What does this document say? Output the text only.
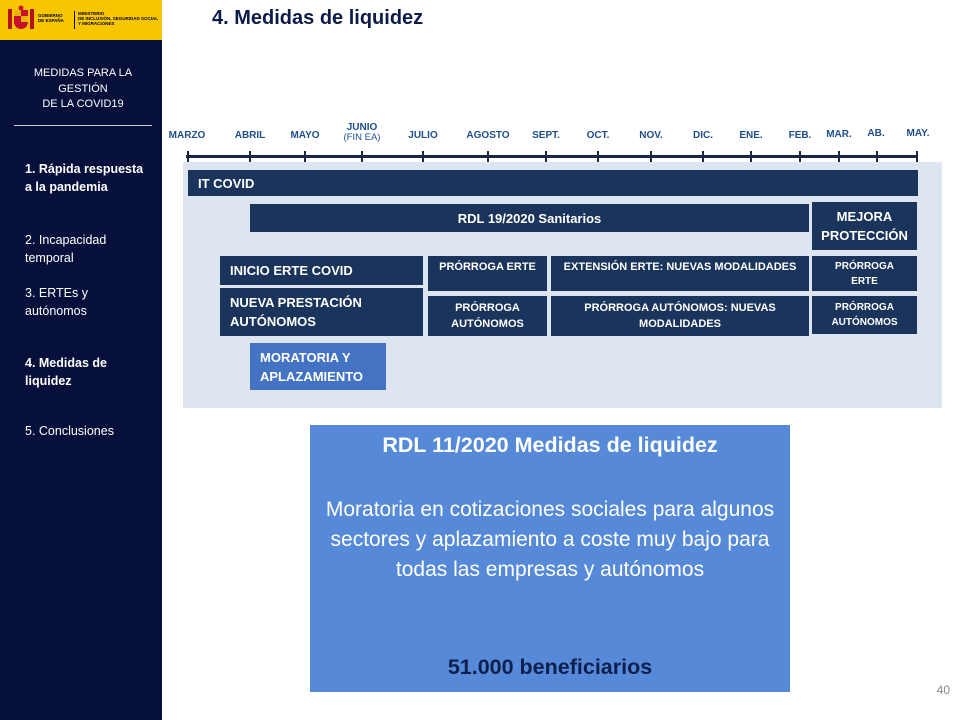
GOBIERNO
DE ESPAÑA
MINISTERIO
DE INCLUSIÓN, SEGURIDAD SOCIAL
Y MIGRACIONES
MEDIDAS PARA LA
GESTIÓN
DE LA COVID19
1. Rápida respuesta
a la pandemia
2. Incapacidad
temporal
3. ERTEs y
autónomos
4. Medidas de
liquidez
5. Conclusiones
4. Medidas de liquidez
MARZO	ABRIL	MAYO
JUNIO
(FIN EA)	JULIO	AGOSTO SEPT.	OCT.	NOV.	DIC.	ENE.	FEB. MAR. AB. MAY.
IT COVID
RDL 19/2020 Sanitarios	MEJORA
PROTECCIÓN
INICIO ERTE COVID
NUEVA PRESTACIÓN
AUTÓNOMOS
MORATORIA Y
APLAZAMIENTO
PRÓRROGA ERTE
PRÓRROGA
AUTÓNOMOS
EXTENSIÓN ERTE: NUEVAS MODALIDADES
PRÓRROGA AUTÓNOMOS: NUEVAS
MODALIDADES
PRÓRROGA
ERTE
PRÓRROGA
AUTÓNOMOS
RDL 11/2020 Medidas de liquidez
Moratoria en cotizaciones sociales para algunos sectores y aplazamiento a coste muy bajo para todas las empresas y autónomos
51.000 beneficiarios
40
